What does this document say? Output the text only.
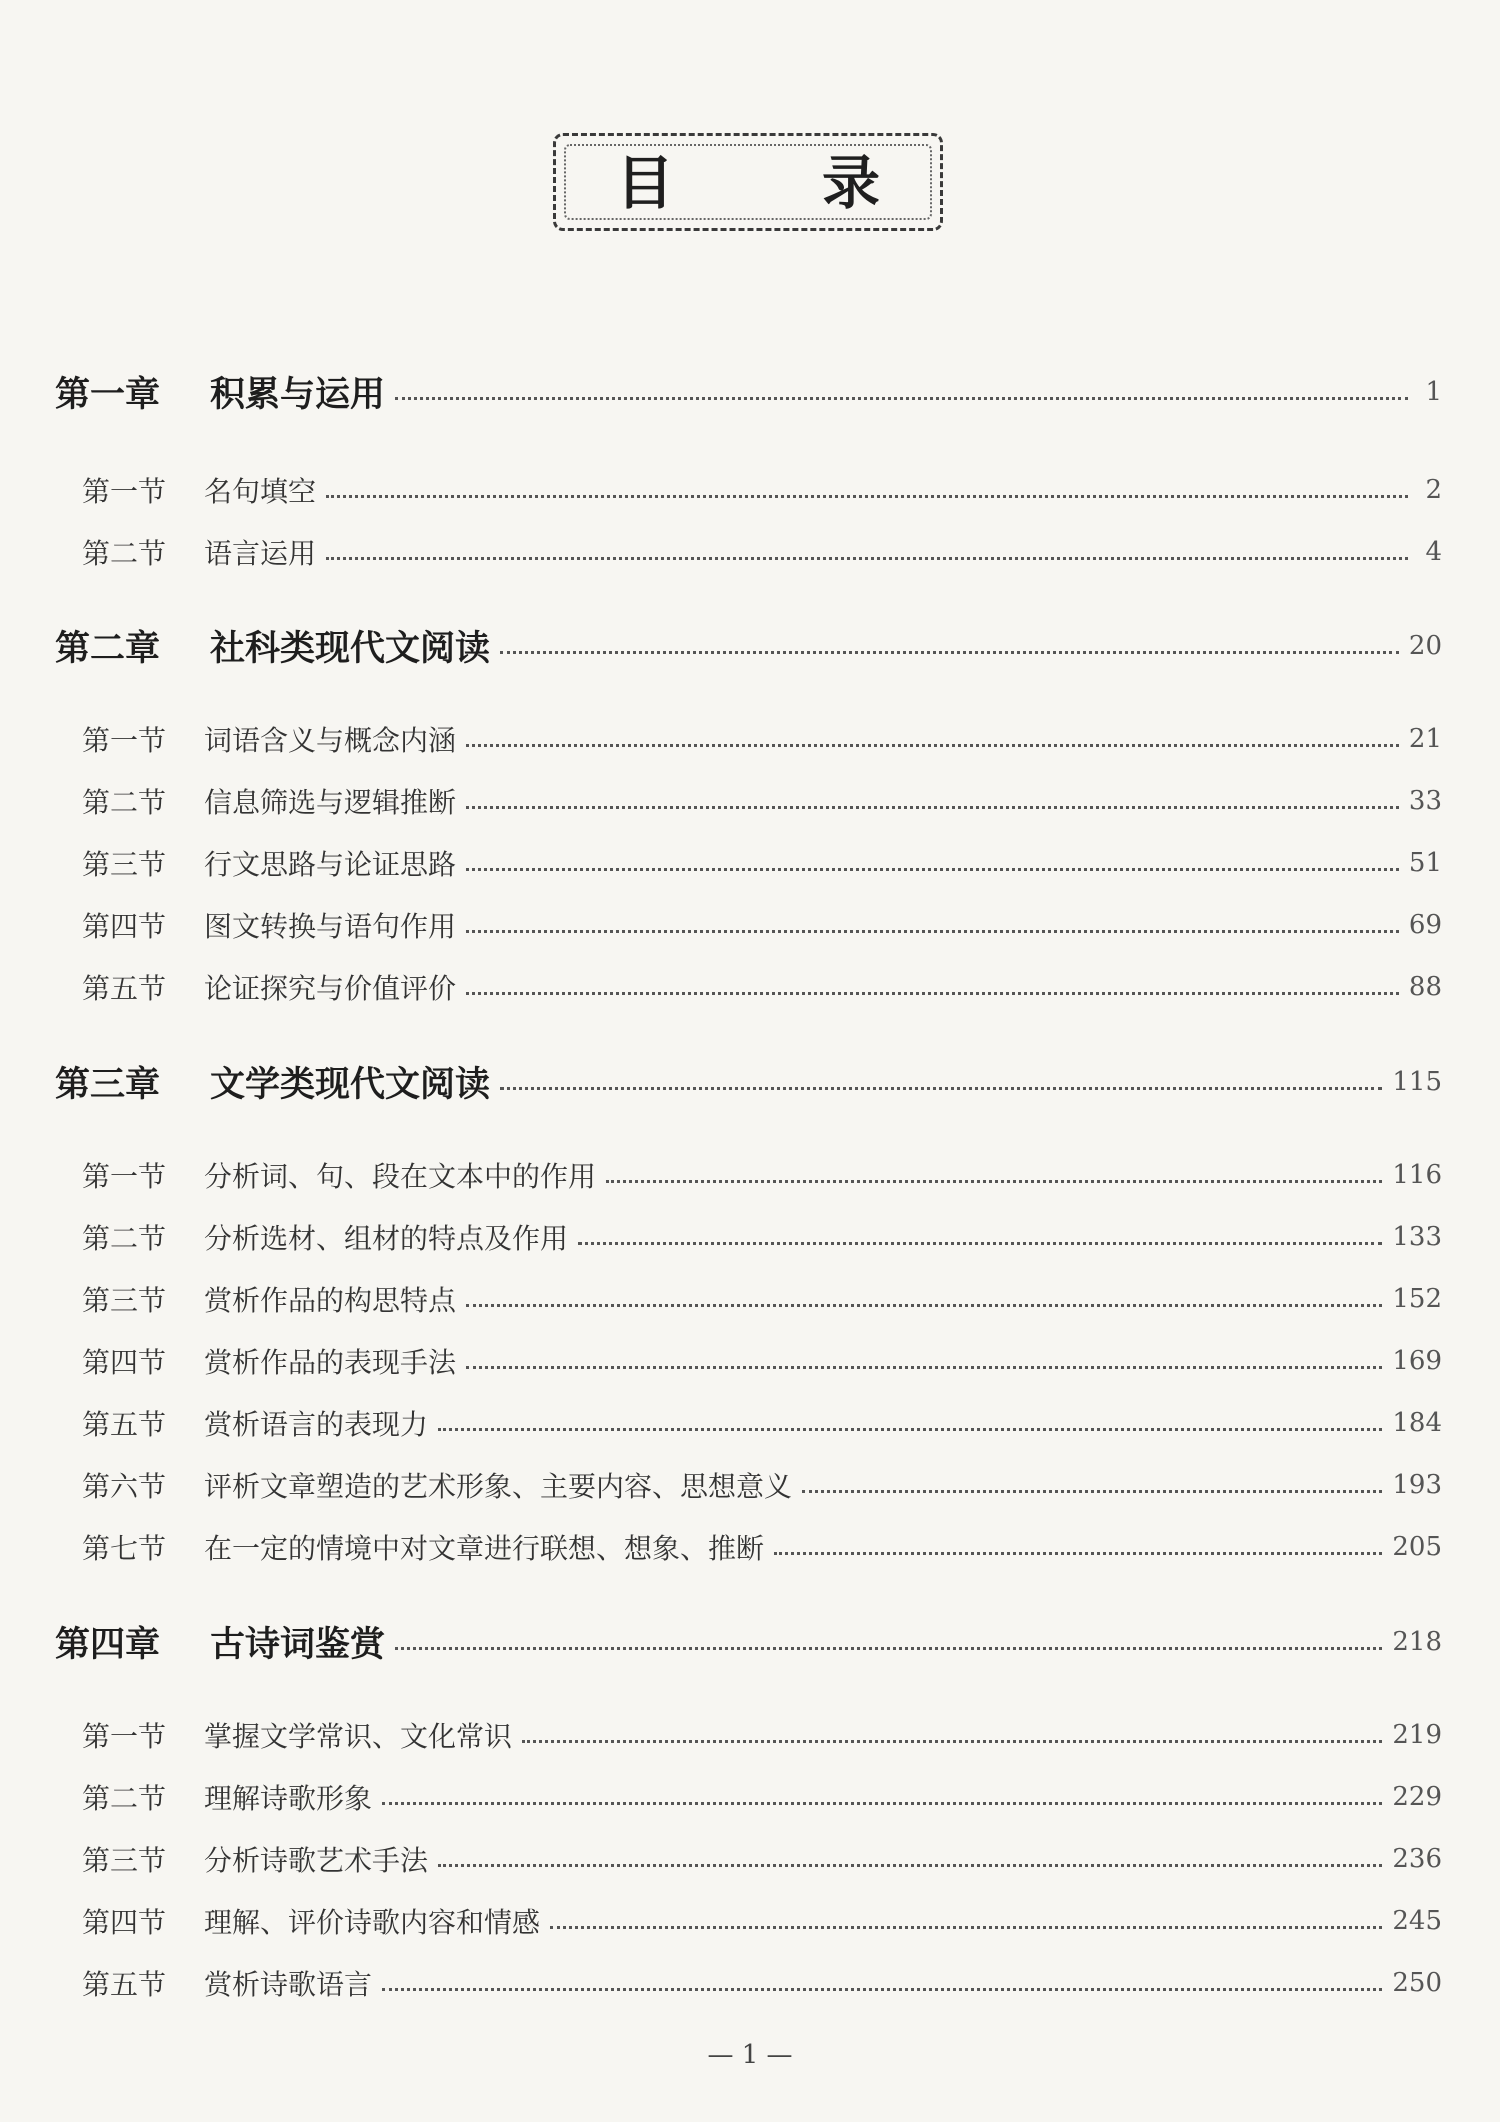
目	录
第一章	积累与运用	1
第一节	名句填空	2
第二节	语言运用	4
第二章	社科类现代文阅读	20
第一节	词语含义与概念内涵	21
第二节	信息筛选与逻辑推断	33
第三节	行文思路与论证思路	51
第四节	图文转换与语句作用	69
第五节	论证探究与价值评价	88
第三章	文学类现代文阅读	115
第一节	分析词、句、段在文本中的作用	116
第二节	分析选材、组材的特点及作用	133
第三节	赏析作品的构思特点	152
第四节	赏析作品的表现手法	169
第五节	赏析语言的表现力	184
第六节	评析文章塑造的艺术形象、主要内容、思想意义	193
第七节	在一定的情境中对文章进行联想、想象、推断	205
第四章	古诗词鉴赏	218
第一节	掌握文学常识、文化常识	219
第二节	理解诗歌形象	229
第三节	分析诗歌艺术手法	236
第四节	理解、评价诗歌内容和情感	245
第五节	赏析诗歌语言	250
— 1 —
